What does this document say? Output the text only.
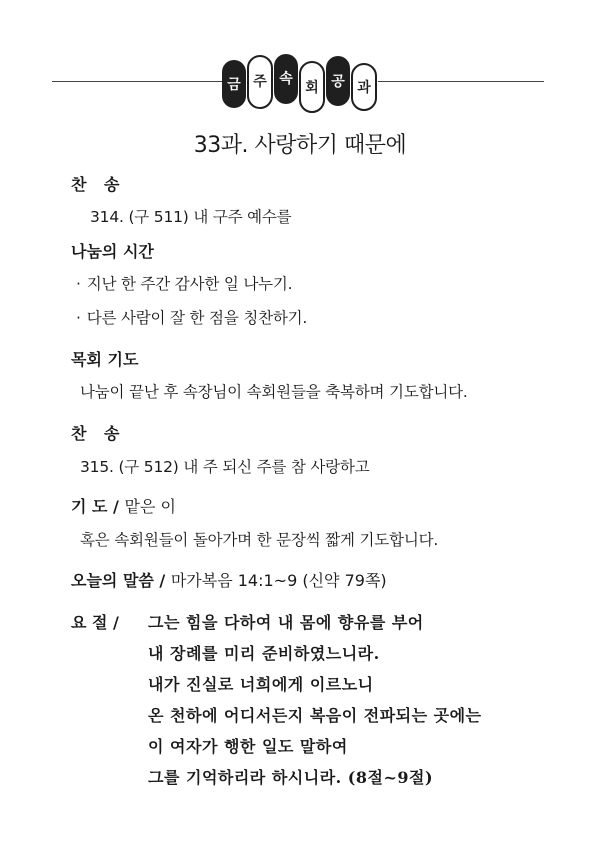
금 주 속
회 공 과
33과. 사랑하기 때문에
찬 송
314. (구 511) 내 구주 예수를
나눔의 시간
· 지난 한 주간 감사한 일 나누기.
· 다른 사람이 잘 한 점을 칭찬하기.
목회 기도
나눔이 끝난 후 속장님이 속회원들을 축복하며 기도합니다.
찬 송
315. (구 512) 내 주 되신 주를 참 사랑하고
기 도 / 맡은 이
혹은 속회원들이 돌아가며 한 문장씩 짧게 기도합니다.
오늘의 말씀 / 마가복음 14:1~9 (신약 79쪽)
요 절 / 그는 힘을 다하여 내 몸에 향유를 부어
내 장례를 미리 준비하였느니라.
내가 진실로 너희에게 이르노니
온 천하에 어디서든지 복음이 전파되는 곳에는
이 여자가 행한 일도 말하여
그를 기억하리라 하시니라. (8절~9절)
